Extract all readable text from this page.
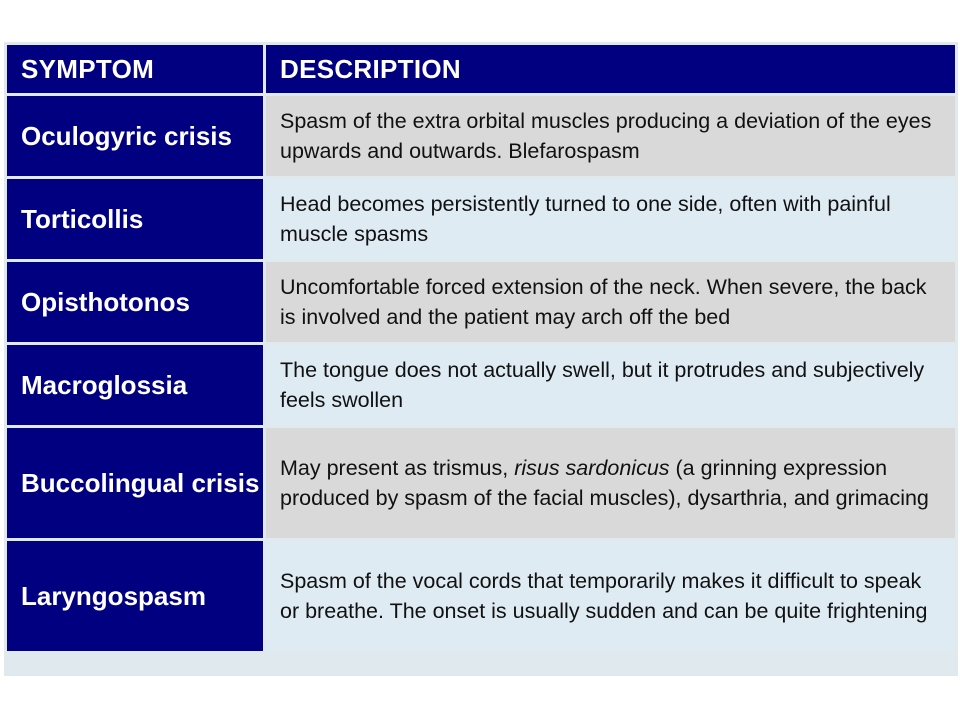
SYMPTOM	DESCRIPTION
Oculogyric crisis	Spasm of the extra orbital muscles producing a deviation of the eyes upwards and outwards. Blefarospasm
Torticollis	Head becomes persistently turned to one side, often with painful muscle spasms
Opisthotonos	Uncomfortable forced extension of the neck. When severe, the back is involved and the patient may arch off the bed
Macroglossia	The tongue does not actually swell, but it protrudes and subjectively feels swollen
Buccolingual crisis	May present as trismus, risus sardonicus (a grinning expression produced by spasm of the facial muscles), dysarthria, and grimacing
Laryngospasm	Spasm of the vocal cords that temporarily makes it difficult to speak or breathe. The onset is usually sudden and can be quite frightening
